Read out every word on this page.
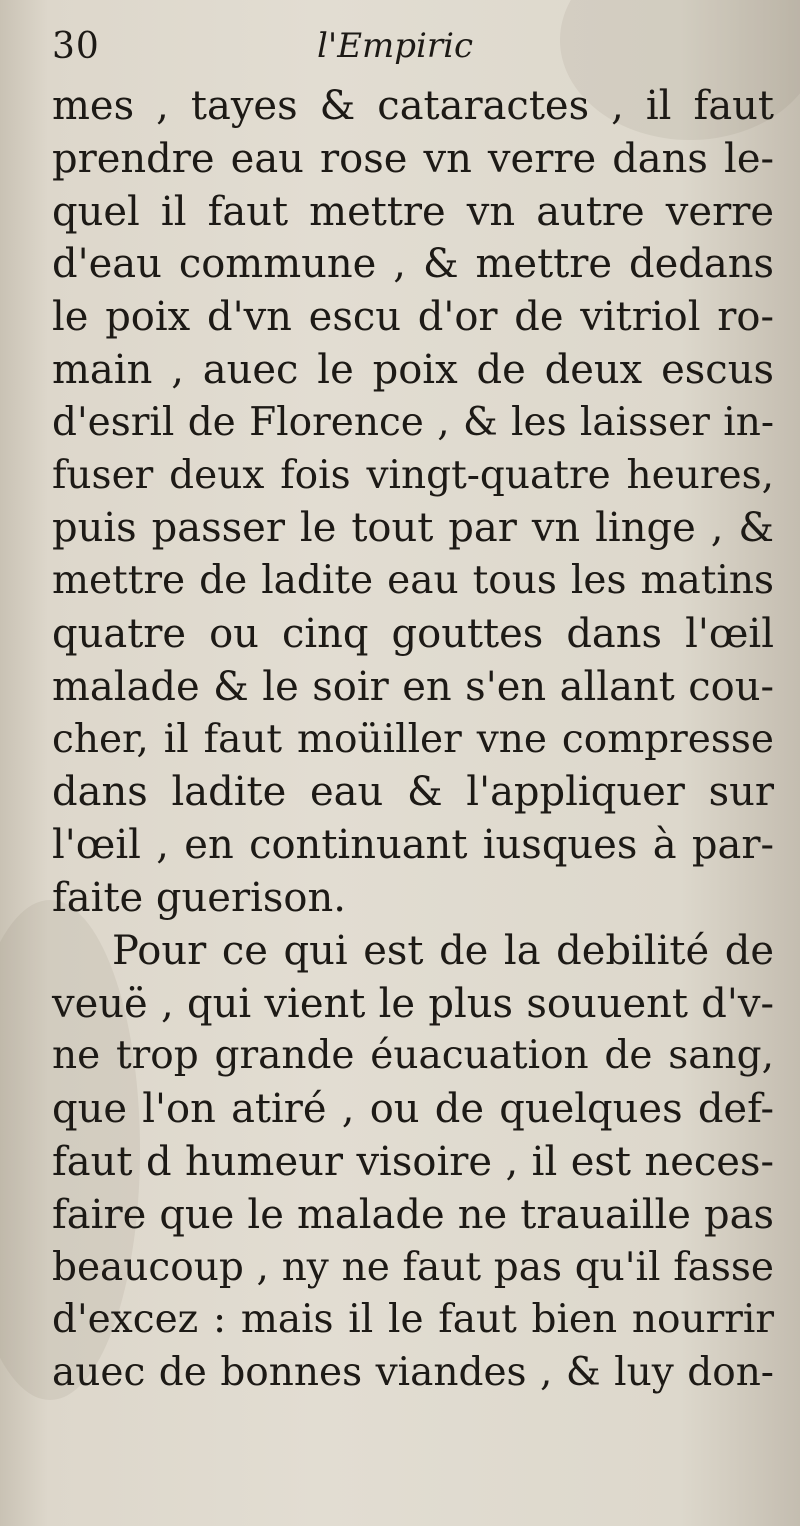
30	l'Empiric
mes , tayes & cataractes , il faut
prendre eau rose vn verre dans le-
quel il faut mettre vn autre verre
d'eau commune , & mettre dedans
le poix d'vn escu d'or de vitriol ro-
main , auec le poix de deux escus
d'esril de Florence , & les laisser in-
fuser deux fois vingt-quatre heures,
puis passer le tout par vn linge , &
mettre de ladite eau tous les matins
quatre ou cinq gouttes dans l'œil
malade & le soir en s'en allant cou-
cher, il faut moüiller vne compresse
dans ladite eau & l'appliquer sur
l'œil , en continuant iusques à par-
faite guerison.
Pour ce qui est de la debilité de
veuë , qui vient le plus souuent d'v-
ne trop grande éuacuation de sang,
que l'on atiré , ou de quelques def-
faut d humeur visoire , il est neces-
faire que le malade ne trauaille pas
beaucoup , ny ne faut pas qu'il fasse
d'excez : mais il le faut bien nourrir
auec de bonnes viandes , & luy don-
